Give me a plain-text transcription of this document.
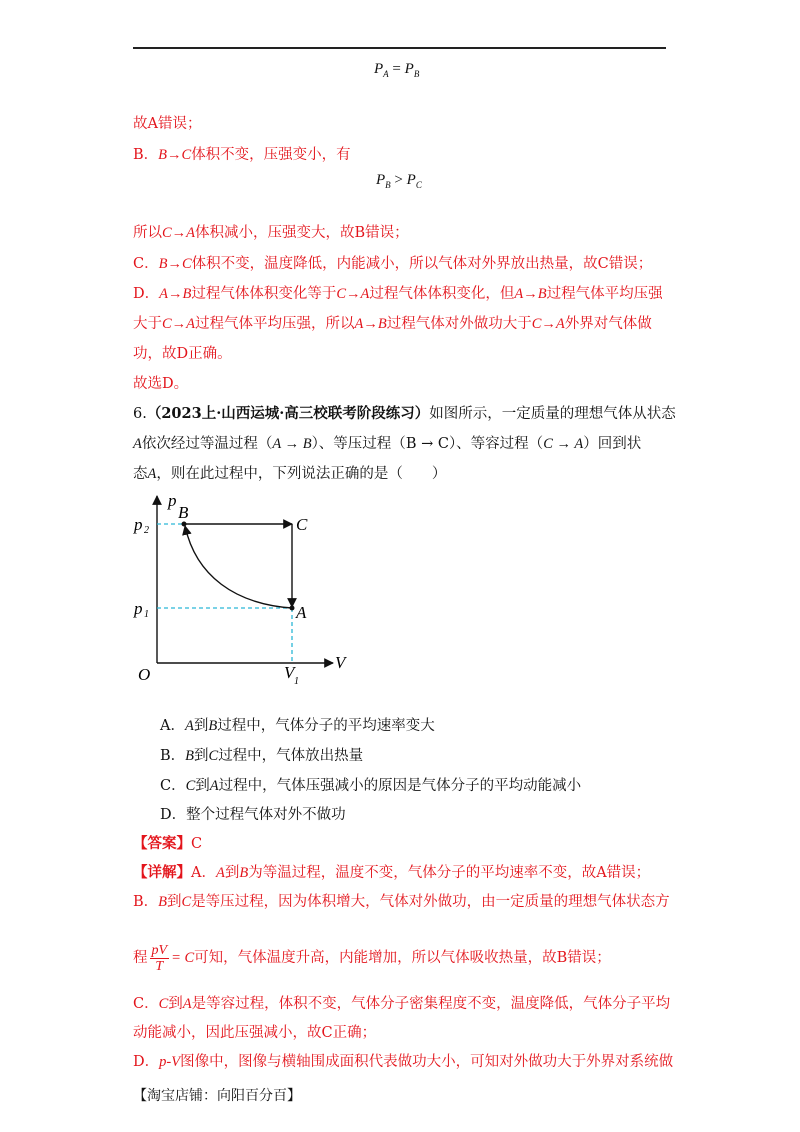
$P_A = P_B$
故A错误；
B．B→C体积不变，压强变小，有
$P_B > P_C$
所以C→A体积减小，压强变大，故B错误；
C．B→C体积不变，温度降低，内能减小，所以气体对外界放出热量，故C错误；
D．A→B过程气体体积变化等于C→A过程气体体积变化，但A→B过程气体平均压强
大于C→A过程气体平均压强，所以A→B过程气体对外做功大于C→A外界对气体做
功，故D正确。
故选D。
6.（2023上·山西运城·高三校联考阶段练习）如图所示，一定质量的理想气体从状态
A依次经过等温过程（A → B）、等压过程（B → C）、等容过程（C → A）回到状
态A，则在此过程中，下列说法正确的是（　　）
p
V
O
p 2
p 1
V 1
B
C
A
A．A到B过程中，气体分子的平均速率变大
B．B到C过程中，气体放出热量
C．C到A过程中，气体压强减小的原因是气体分子的平均动能减小
D．整个过程气体对外不做功
【答案】C
【详解】A．A到B为等温过程，温度不变，气体分子的平均速率不变，故A错误；
B．B到C是等压过程，因为体积增大，气体对外做功，由一定质量的理想气体状态方
程 $\frac{pV}{T} = C$可知，气体温度升高，内能增加，所以气体吸收热量，故B错误；
C．C到A是等容过程，体积不变，气体分子密集程度不变，温度降低，气体分子平均
动能减小，因此压强减小，故C正确；
D．p-V图像中，图像与横轴围成面积代表做功大小，可知对外做功大于外界对系统做
【淘宝店铺：向阳百分百】
